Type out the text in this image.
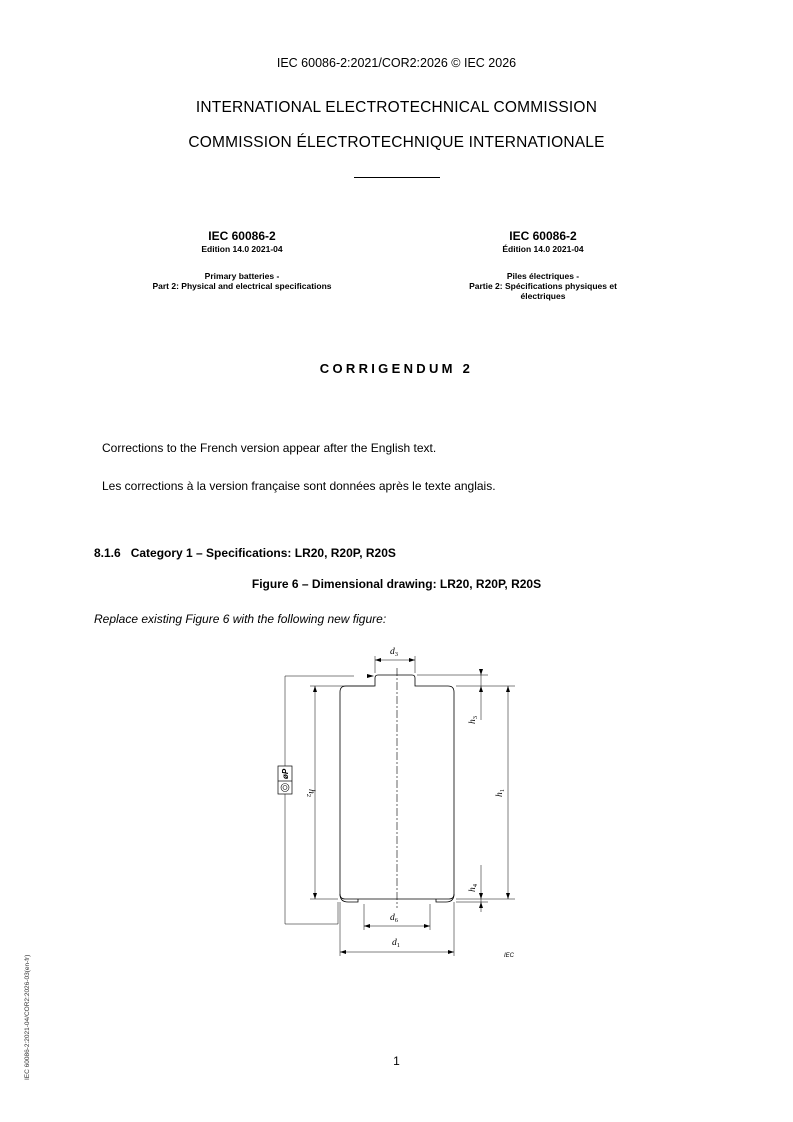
IEC 60086-2:2021/COR2:2026 © IEC 2026
INTERNATIONAL ELECTROTECHNICAL COMMISSION
COMMISSION ÉLECTROTECHNIQUE INTERNATIONALE
IEC 60086-2
Edition 14.0 2021-04
Primary batteries -
Part 2: Physical and electrical specifications
IEC 60086-2
Édition 14.0 2021-04
Piles électriques -
Partie 2: Spécifications physiques et
électriques
CORRIGENDUM 2
Corrections to the French version appear after the English text.
Les corrections à la version française sont données après le texte anglais.
8.1.6   Category 1 – Specifications: LR20, R20P, R20S
Figure 6 – Dimensional drawing: LR20, R20P, R20S
Replace existing Figure 6 with the following new figure:
øP
$d_3$
$d_6$
$d_1$
$h_1$
$h_2$
$h_3$
$h_4$
IEC
1
IEC 60086-2:2021-04/COR2:2026-03(en-fr)
